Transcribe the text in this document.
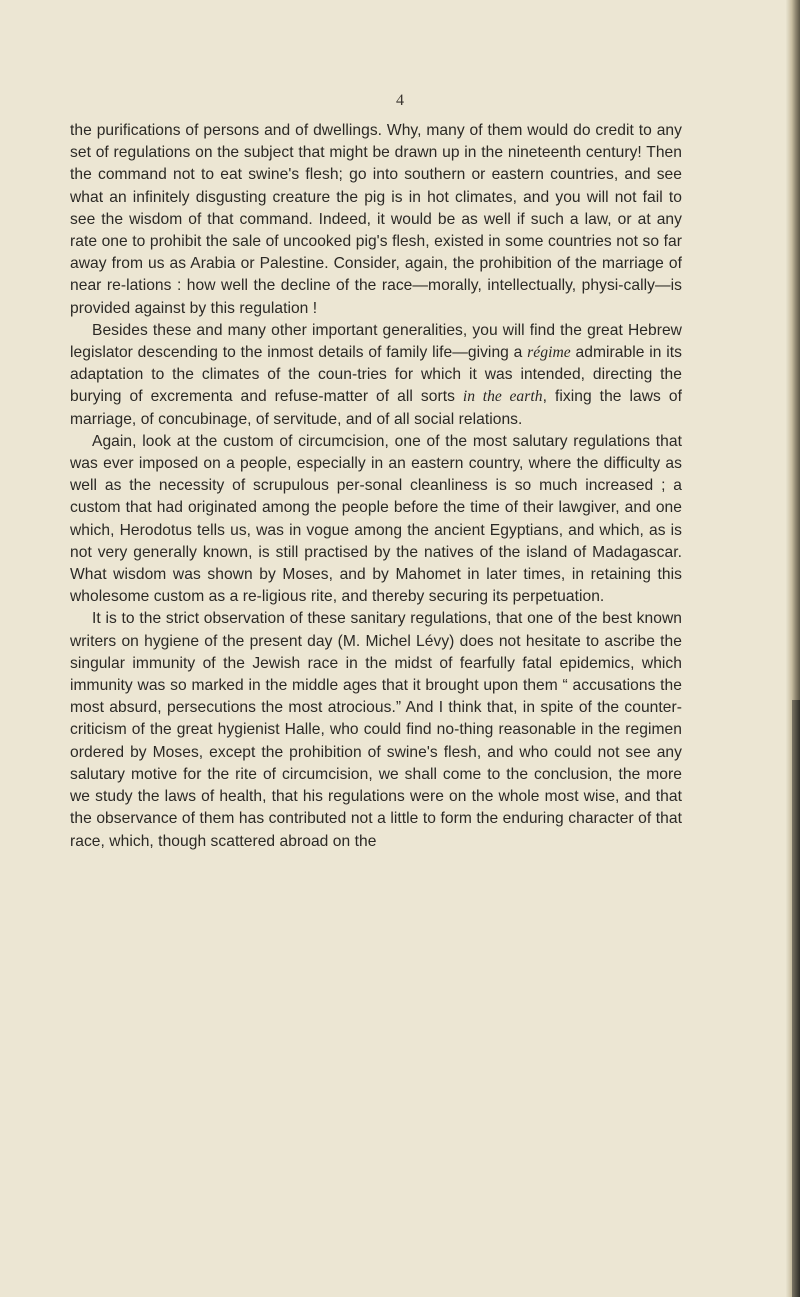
4

the purifications of persons and of dwellings. Why, many of them would do credit to any set of regulations on the subject that might be drawn up in the nineteenth century! Then the command not to eat swine's flesh; go into southern or eastern countries, and see what an infinitely disgusting creature the pig is in hot climates, and you will not fail to see the wisdom of that command. Indeed, it would be as well if such a law, or at any rate one to prohibit the sale of uncooked pig's flesh, existed in some countries not so far away from us as Arabia or Palestine. Consider, again, the prohibition of the marriage of near re-lations : how well the decline of the race—morally, intellectually, physi-cally—is provided against by this regulation !

Besides these and many other important generalities, you will find the great Hebrew legislator descending to the inmost details of family life—giving a régime admirable in its adaptation to the climates of the coun-tries for which it was intended, directing the burying of excrementa and refuse-matter of all sorts in the earth, fixing the laws of marriage, of concubinage, of servitude, and of all social relations.

Again, look at the custom of circumcision, one of the most salutary regulations that was ever imposed on a people, especially in an eastern country, where the difficulty as well as the necessity of scrupulous per-sonal cleanliness is so much increased ; a custom that had originated among the people before the time of their lawgiver, and one which, Herodotus tells us, was in vogue among the ancient Egyptians, and which, as is not very generally known, is still practised by the natives of the island of Madagascar. What wisdom was shown by Moses, and by Mahomet in later times, in retaining this wholesome custom as a re-ligious rite, and thereby securing its perpetuation.

It is to the strict observation of these sanitary regulations, that one of the best known writers on hygiene of the present day (M. Michel Lévy) does not hesitate to ascribe the singular immunity of the Jewish race in the midst of fearfully fatal epidemics, which immunity was so marked in the middle ages that it brought upon them “ accusations the most absurd, persecutions the most atrocious.” And I think that, in spite of the counter-criticism of the great hygienist Halle, who could find no-thing reasonable in the regimen ordered by Moses, except the prohibition of swine's flesh, and who could not see any salutary motive for the rite of circumcision, we shall come to the conclusion, the more we study the laws of health, that his regulations were on the whole most wise, and that the observance of them has contributed not a little to form the enduring character of that race, which, though scattered abroad on the
